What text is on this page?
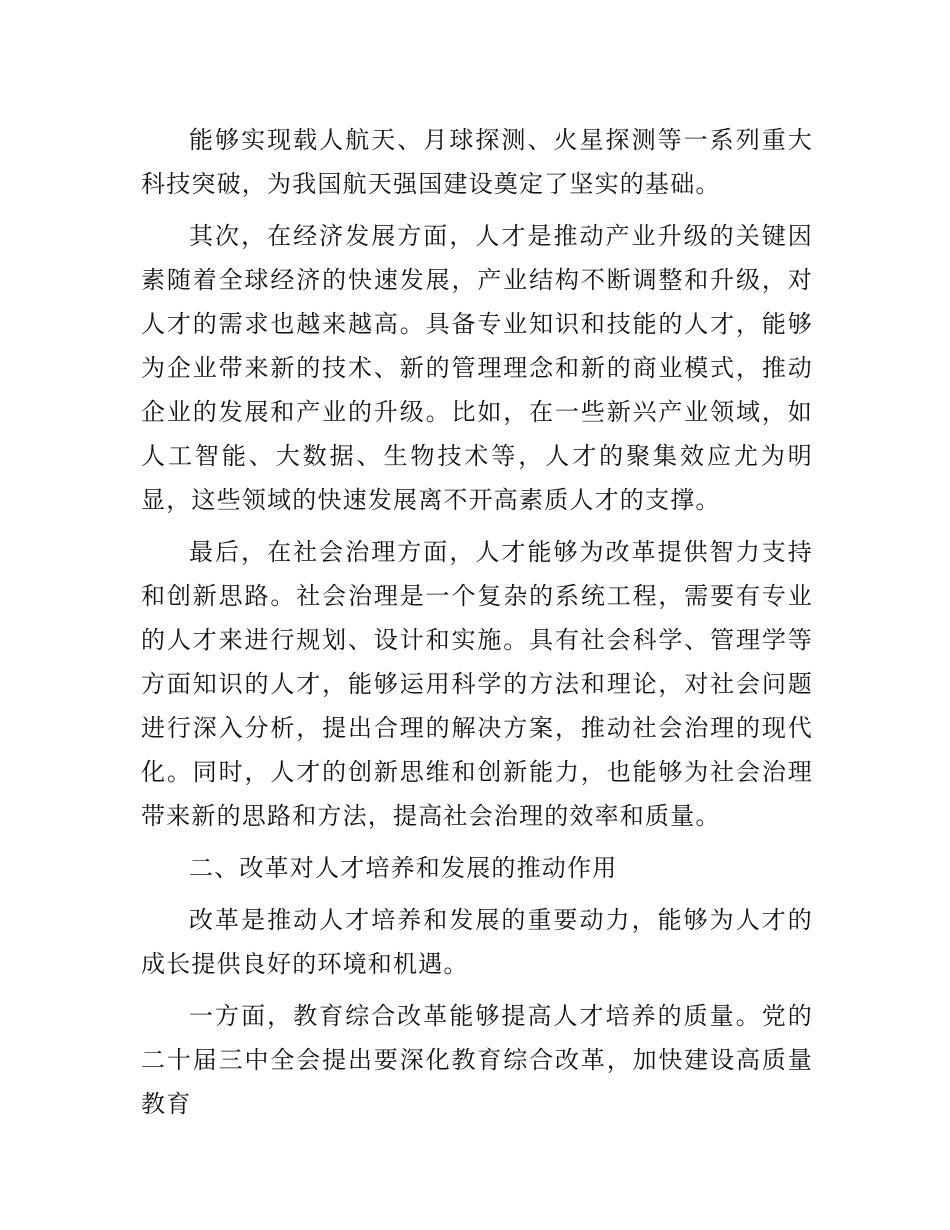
能够实现载人航天、月球探测、火星探测等一系列重大科技突破，为我国航天强国建设奠定了坚实的基础。

其次，在经济发展方面，人才是推动产业升级的关键因素随着全球经济的快速发展，产业结构不断调整和升级，对人才的需求也越来越高。具备专业知识和技能的人才，能够为企业带来新的技术、新的管理理念和新的商业模式，推动企业的发展和产业的升级。比如，在一些新兴产业领域，如人工智能、大数据、生物技术等，人才的聚集效应尤为明显，这些领域的快速发展离不开高素质人才的支撑。

最后，在社会治理方面，人才能够为改革提供智力支持和创新思路。社会治理是一个复杂的系统工程，需要有专业的人才来进行规划、设计和实施。具有社会科学、管理学等方面知识的人才，能够运用科学的方法和理论，对社会问题进行深入分析，提出合理的解决方案，推动社会治理的现代化。同时，人才的创新思维和创新能力，也能够为社会治理带来新的思路和方法，提高社会治理的效率和质量。

二、改革对人才培养和发展的推动作用

改革是推动人才培养和发展的重要动力，能够为人才的成长提供良好的环境和机遇。

一方面，教育综合改革能够提高人才培养的质量。党的二十届三中全会提出要深化教育综合改革，加快建设高质量教育
